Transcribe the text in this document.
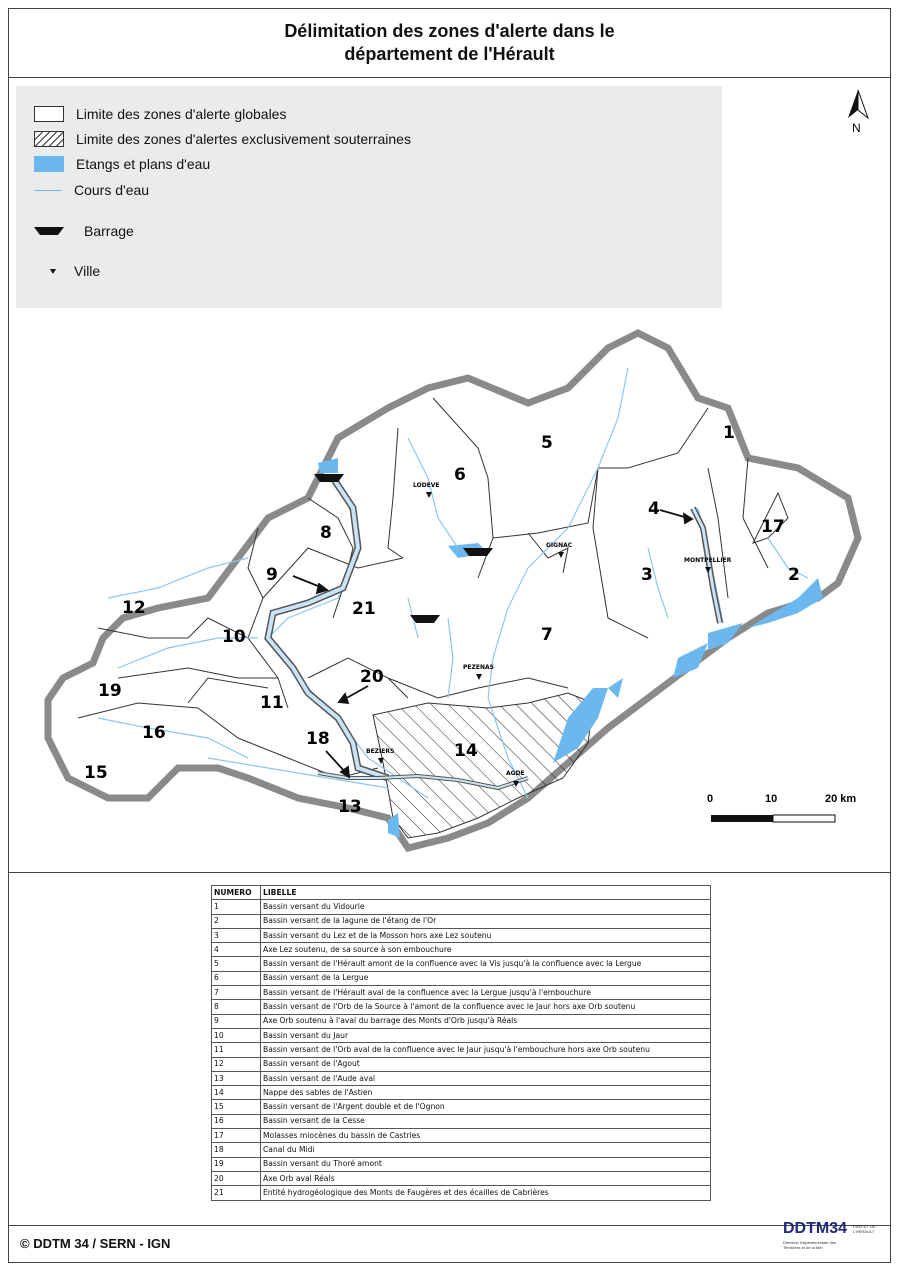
Délimitation des zones d'alerte dans le
département de l'Hérault
1
2
3
4
5
6
7
8
9
10
11
12
13
14
15
16
17
18
19
20
21
LODEVE
GIGNAC
MONTPELLIER
PEZENAS
BEZIERS
AGDE
N
0	10	20 km
Limite des zones d'alerte globales
Limite des zones d'alertes exclusivement souterraines
Etangs et plans d'eau
Cours d'eau
Barrage
Ville
NUMERO	LIBELLE
1	Bassin versant du Vidourle
2	Bassin versant de la lagune de l'étang de l'Or
3	Bassin versant du Lez et de la Mosson hors axe Lez soutenu
4	Axe Lez soutenu, de sa source à son embouchure
5	Bassin versant de l'Hérault amont de la confluence avec la Vis jusqu'à la confluence avec la Lergue
6	Bassin versant de la Lergue
7	Bassin versant de l'Hérault aval de la confluence avec la Lergue jusqu'à l'embouchure
8	Bassin versant de l'Orb de la Source à l'amont de la confluence avec le Jaur hors axe Orb soutenu
9	Axe Orb soutenu à l'aval du barrage des Monts d'Orb jusqu'à Réals
10	Bassin versant du Jaur
11	Bassin versant de l'Orb aval de la confluence avec le Jaur jusqu'à l'embouchure hors axe Orb soutenu
12	Bassin versant de l'Agout
13	Bassin versant de l'Aude aval
14	Nappe des sables de l'Astien
15	Bassin versant de l'Argent double et de l'Ognon
16	Bassin versant de la Cesse
17	Molasses miocènes du bassin de Castries
18	Canal du Midi
19	Bassin versant du Thoré amont
20	Axe Orb aval Réals
21	Entité hydrogéologique des Monts de Faugères et des écailles de Cabrières
© DDTM 34 / SERN - IGN
DDTM34
Direction Départementale des Territoires et de la Mer
PRÉFET DE L'HÉRAULT
